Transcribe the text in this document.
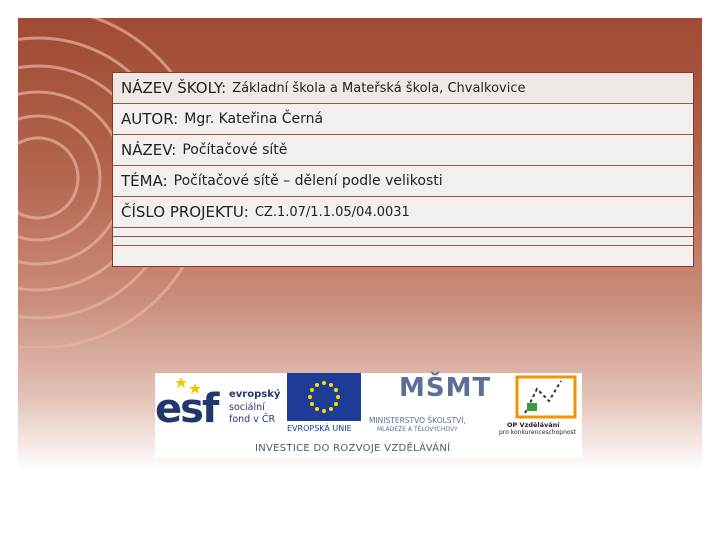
NÁZEV ŠKOLY: Základní škola a Mateřská škola, Chvalkovice
AUTOR: Mgr. Kateřina Černá
NÁZEV: Počítačové sítě
TÉMA: Počítačové sítě – dělení podle velikosti
ČÍSLO PROJEKTU: CZ.1.07/1.1.05/04.0031
esf evropský
sociální
fond v ČR
EVROPSKÁ UNIE
MŠMT
MINISTERSTVO ŠKOLSTVÍ,
MLÁDEŽE A TĚLOVÝCHOVY
OP Vzdělávání
pro konkurenceschopnost
INVESTICE DO ROZVOJE VZDĚLÁVÁNÍ
